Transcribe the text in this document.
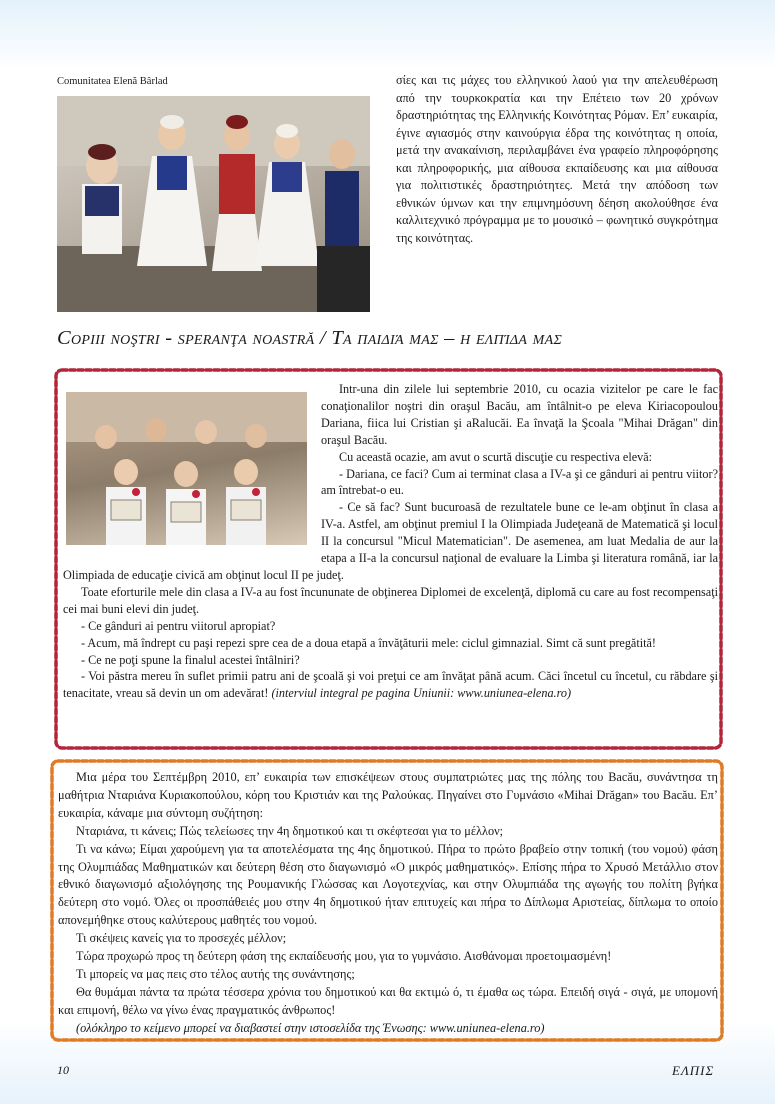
Comunitatea Elenă Bârlad	σίες και τις μάχες του ελληνικού λαού για την απελευθέρωση από την τουρκοκρατία και την Επέτειο των 20 χρόνων δραστηριότητας της Ελληνικής Κοινότητας Ρόμαν. Επ’ ευκαιρία, έγινε αγιασμός στην καινούργια έδρα της κοινότητας η οποία, μετά την ανακαίνιση, περιλαμβάνει ένα γραφείο πληροφόρησης και πληροφορικής, μια αίθουσα εκπαίδευσης και μια αίθουσα για πολιτιστικές δραστηριότητες. Μετά την απόδοση των εθνικών ύμνων και την επιμνημόσυνη δέηση ακολούθησε ένα καλλιτεχνικό πρόγραμμα με το μουσικό – φωνητικό συγκρότημα της κοινότητας.
Copiii noştri - speranţa noastră / Τα παιδιά μας – η ελπίδα μας

Intr-una din zilele lui septembrie 2010, cu ocazia vizitelor pe care le fac conaţionalilor noştri din oraşul Bacău, am întâlnit-o pe eleva Kiriacopoulou Dariana, fiica lui Cristian şi aRalucăi. Ea învaţă la Şcoala "Mihai Drăgan" din oraşul Bacău.

Cu această ocazie, am avut o scurtă discuţie cu respectiva elevă:

- Dariana, ce faci? Cum ai terminat clasa a IV-a şi ce gânduri ai pentru viitor? am întrebat-o eu.

- Ce să fac? Sunt bucuroasă de rezultatele bune ce le-am obţinut în clasa a IV-a. Astfel, am obţinut premiul I la Olimpiada Judeţeană de Matematică şi locul II la concursul "Micul Matematician". De asemenea, am luat Medalia de aur la etapa a II-a la concursul naţional de evaluare la Limba şi literatura română, iar la Olimpiada de educaţie civică am obţinut locul II pe judeţ.

Toate eforturile mele din clasa a IV-a au fost încununate de obţinerea Diplomei de excelenţă, diplomă cu care au fost recompensaţi cei mai buni elevi din judeţ.

- Ce gânduri ai pentru viitorul apropiat?

- Acum, mă îndrept cu paşi repezi spre cea de a doua etapă a învăţăturii mele: ciclul gimnazial. Simt că sunt pregătită!

- Ce ne poţi spune la finalul acestei întâlniri?

- Voi păstra mereu în suflet primii patru ani de şcoală şi voi preţui ce am învăţat până acum. Căci încetul cu încetul, cu răbdare şi tenacitate, vreau să devin un om adevărat! (interviul integral pe pagina Uniunii: www.uniunea-elena.ro)

Μια μέρα του Σεπτέμβρη 2010, επ’ ευκαιρία των επισκέψεων στους συμπατριώτες μας της πόλης του Bacău, συνάντησα τη μαθήτρια Νταριάνα Κυριακοπούλου, κόρη του Κριστιάν και της Ραλούκας. Πηγαίνει στο Γυμνάσιο «Mihai Drăgan» του Bacău. Επ’ ευκαιρία, κάναμε μια σύντομη συζήτηση:

Νταριάνα, τι κάνεις; Πώς τελείωσες την 4η δημοτικού και τι σκέφτεσαι για το μέλλον;

Τι να κάνω; Είμαι χαρούμενη για τα αποτελέσματα της 4ης δημοτικού. Πήρα το πρώτο βραβείο στην τοπική (του νομού) φάση της Ολυμπιάδας Μαθηματικών και δεύτερη θέση στο διαγωνισμό «Ο μικρός μαθηματικός». Επίσης πήρα το Χρυσό Μετάλλιο στον εθνικό διαγωνισμό αξιολόγησης της Ρουμανικής Γλώσσας και Λογοτεχνίας, και στην Ολυμπιάδα της αγωγής του πολίτη βγήκα δεύτερη στο νομό. Όλες οι προσπάθειές μου στην 4η δημοτικού ήταν επιτυχείς και πήρα το Δίπλωμα Αριστείας, δίπλωμα το οποίο απονεμήθηκε στους καλύτερους μαθητές του νομού.

Τι σκέψεις κανείς για το προσεχές μέλλον;

Τώρα προχωρώ προς τη δεύτερη φάση της εκπαίδευσής μου, για το γυμνάσιο. Αισθάνομαι προετοιμασμένη!

Τι μπορείς να μας πεις στο τέλος αυτής της συνάντησης;

Θα θυμάμαι πάντα τα πρώτα τέσσερα χρόνια του δημοτικού και θα εκτιμώ ό, τι έμαθα ως τώρα. Επειδή σιγά - σιγά, με υπομονή και επιμονή, θέλω να γίνω ένας πραγματικός άνθρωπος!

(ολόκληρο το κείμενο μπορεί να διαβαστεί στην ιστοσελίδα της Ένωσης: www.uniunea-elena.ro)

10	ΕΛΠΙΣ
